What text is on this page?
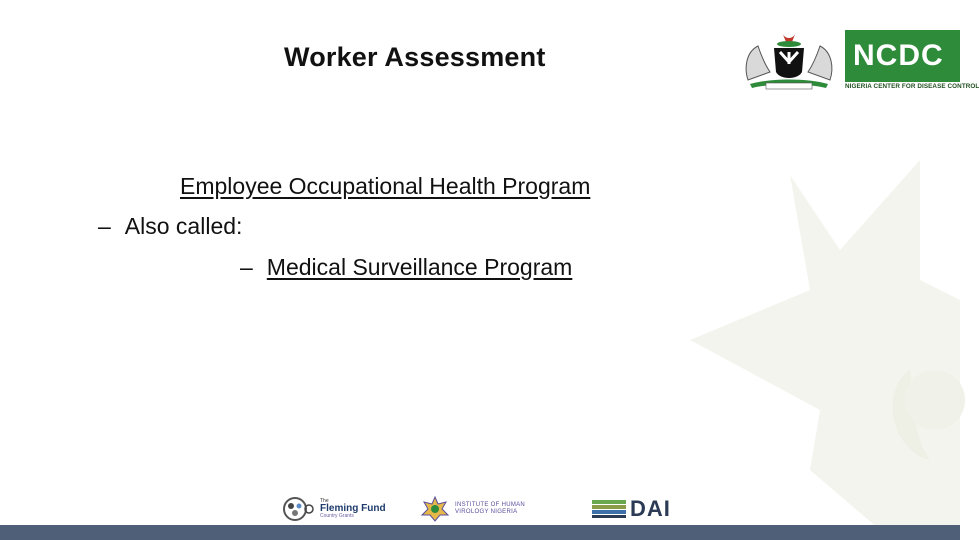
Worker Assessment
Employee Occupational Health Program
– Also called:
– Medical Surveillance Program
NCDC
NIGERIA CENTER FOR DISEASE CONTROL
The
Fleming Fund
Country Grants
INSTITUTE OF HUMAN
VIROLOGY NIGERIA	DAI
